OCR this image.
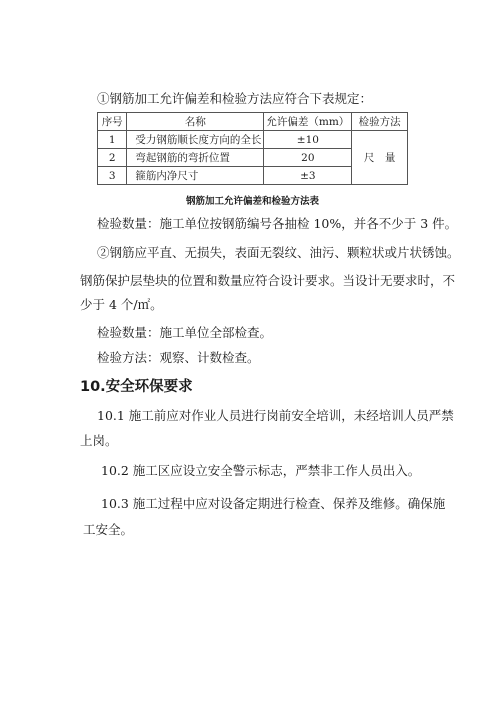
①钢筋加工允许偏差和检验方法应符合下表规定：
序号	名称	允许偏差（mm）	检验方法
1	受力钢筋顺长度方向的全长	±10	尺　量
2	弯起钢筋的弯折位置	20	
3	箍筋内净尺寸	±3	
钢筋加工允许偏差和检验方法表
检验数量：施工单位按钢筋编号各抽检 10%，并各不少于 3 件。
②钢筋应平直、无损失，表面无裂纹、油污、颗粒状或片状锈蚀。
钢筋保护层垫块的位置和数量应符合设计要求。当设计无要求时，不
少于 4 个/㎡。
检验数量：施工单位全部检查。
检验方法：观察、计数检查。
10.安全环保要求
10.1 施工前应对作业人员进行岗前安全培训，未经培训人员严禁
上岗。
10.2 施工区应设立安全警示标志，严禁非工作人员出入。
10.3 施工过程中应对设备定期进行检查、保养及维修。确保施
工安全。
